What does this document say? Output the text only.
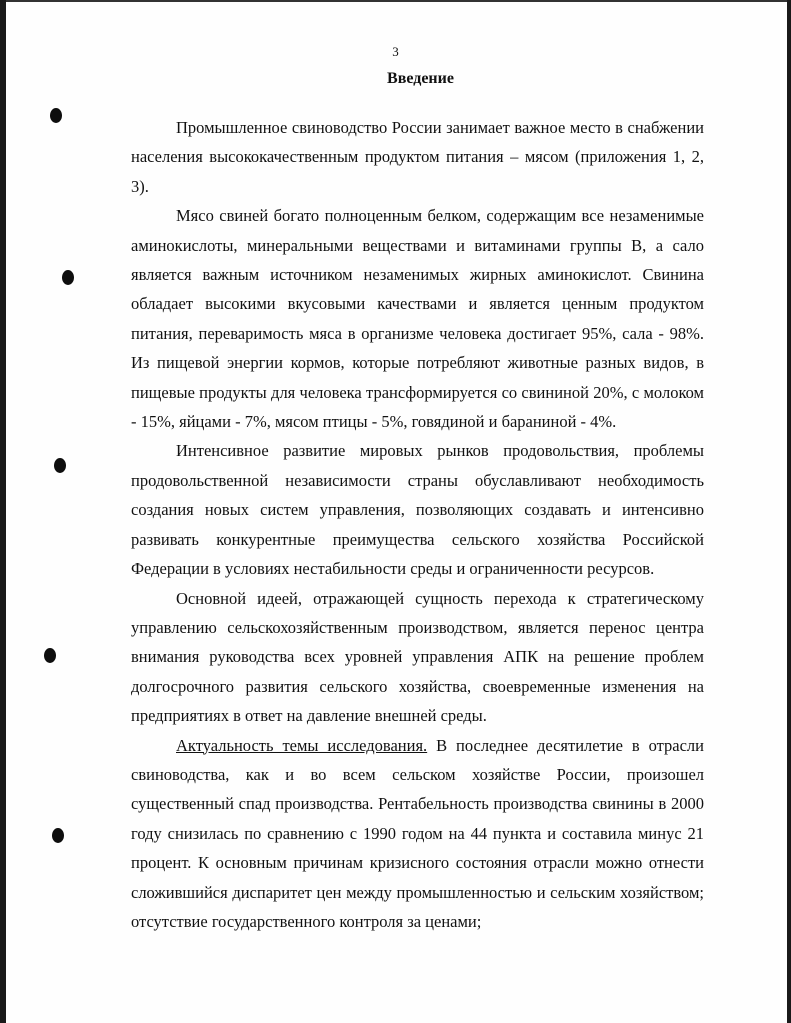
3
Введение

Промышленное свиноводство России занимает важное место в снабжении населения высококачественным продуктом питания – мясом (приложения 1, 2, 3).

Мясо свиней богато полноценным белком, содержащим все незаменимые аминокислоты, минеральными веществами и витаминами группы В, а сало является важным источником незаменимых жирных аминокислот. Свинина обладает высокими вкусовыми качествами и является ценным продуктом питания, переваримость мяса в организме человека достигает 95%, сала - 98%. Из пищевой энергии кормов, которые потребляют животные разных видов, в пищевые продукты для человека трансформируется со свининой 20%, с молоком - 15%, яйцами - 7%, мясом птицы - 5%, говядиной и бараниной - 4%.

Интенсивное развитие мировых рынков продовольствия, проблемы продовольственной независимости страны обуславливают необходимость создания новых систем управления, позволяющих создавать и интенсивно развивать конкурентные преимущества сельского хозяйства Российской Федерации в условиях нестабильности среды и ограниченности ресурсов.

Основной идеей, отражающей сущность перехода к стратегическому управлению сельскохозяйственным производством, является перенос центра внимания руководства всех уровней управления АПК на решение проблем долгосрочного развития сельского хозяйства, своевременные изменения на предприятиях в ответ на давление внешней среды.

Актуальность темы исследования. В последнее десятилетие в отрасли свиноводства, как и во всем сельском хозяйстве России, произошел существенный спад производства. Рентабельность производства свинины в 2000 году снизилась по сравнению с 1990 годом на 44 пункта и составила минус 21 процент. К основным причинам кризисного состояния отрасли можно отнести сложившийся диспаритет цен между промышленностью и сельским хозяйством; отсутствие государственного контроля за ценами;
